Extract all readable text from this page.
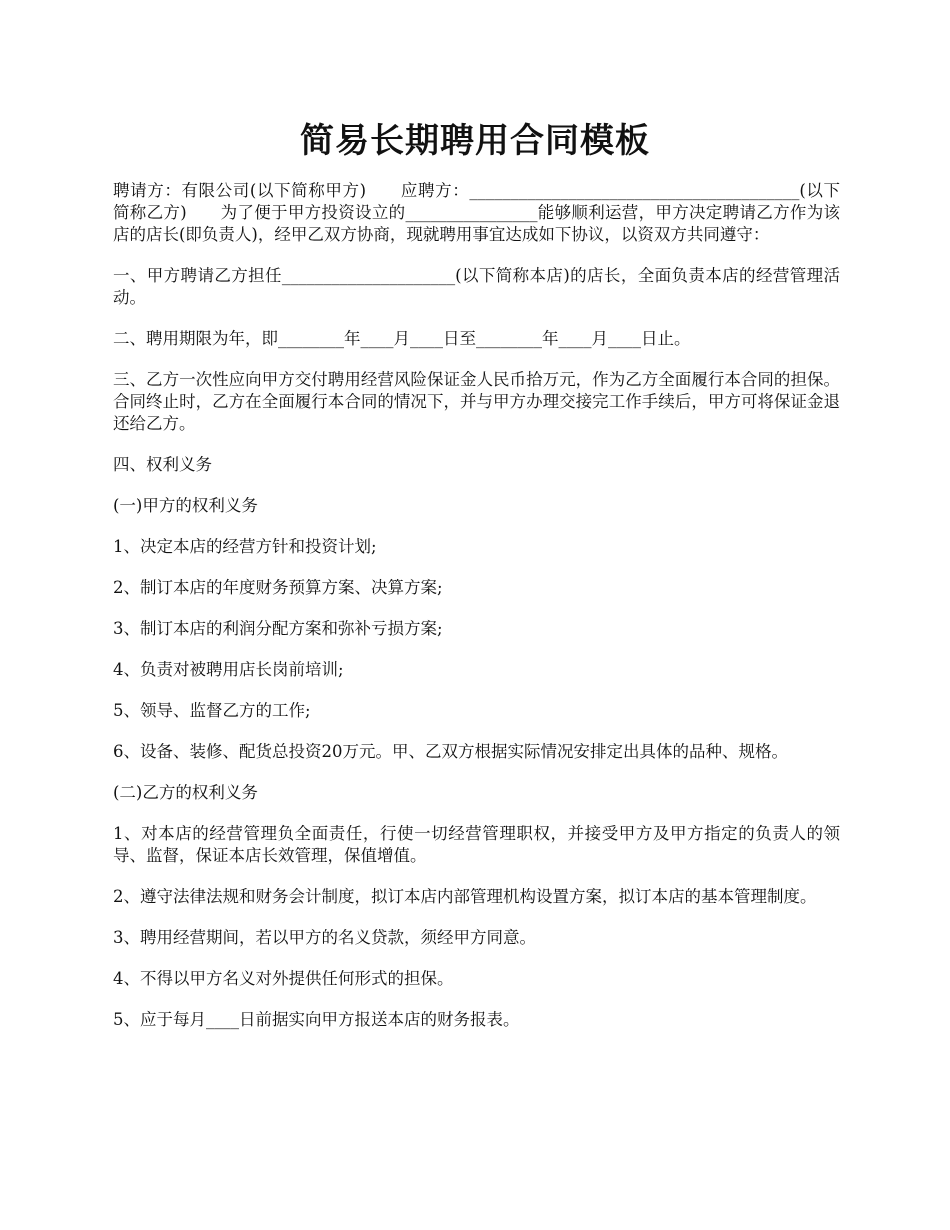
简易长期聘用合同模板

聘请方：有限公司(以下简称甲方)　　应聘方：________________________________________(以下简称乙方)　　为了便于甲方投资设立的________________能够顺利运营，甲方决定聘请乙方作为该店的店长(即负责人)，经甲乙双方协商，现就聘用事宜达成如下协议，以资双方共同遵守：

一、甲方聘请乙方担任_____________________(以下简称本店)的店长，全面负责本店的经营管理活动。

二、聘用期限为年，即________年____月____日至________年____月____日止。

三、乙方一次性应向甲方交付聘用经营风险保证金人民币拾万元，作为乙方全面履行本合同的担保。合同终止时，乙方在全面履行本合同的情况下，并与甲方办理交接完工作手续后，甲方可将保证金退还给乙方。

四、权利义务

(一)甲方的权利义务

1、决定本店的经营方针和投资计划;

2、制订本店的年度财务预算方案、决算方案;

3、制订本店的利润分配方案和弥补亏损方案;

4、负责对被聘用店长岗前培训;

5、领导、监督乙方的工作;

6、设备、装修、配货总投资20万元。甲、乙双方根据实际情况安排定出具体的品种、规格。

(二)乙方的权利义务

1、对本店的经营管理负全面责任，行使一切经营管理职权，并接受甲方及甲方指定的负责人的领导、监督，保证本店长效管理，保值增值。

2、遵守法律法规和财务会计制度，拟订本店内部管理机构设置方案，拟订本店的基本管理制度。

3、聘用经营期间，若以甲方的名义贷款，须经甲方同意。

4、不得以甲方名义对外提供任何形式的担保。

5、应于每月____日前据实向甲方报送本店的财务报表。
